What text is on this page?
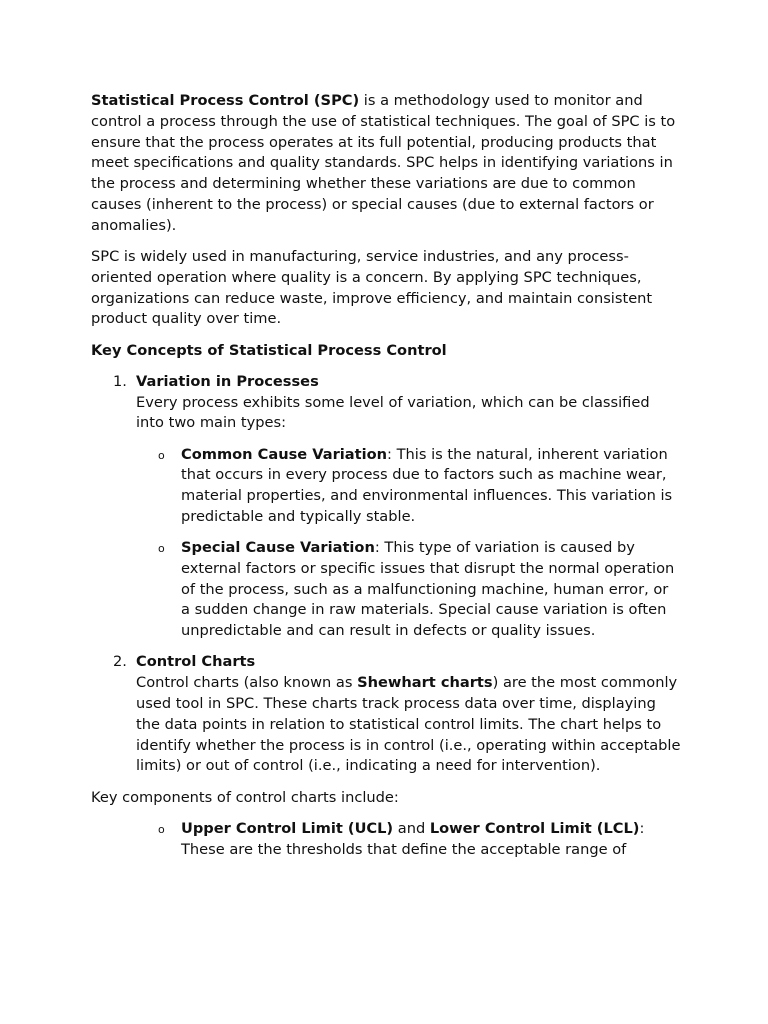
Statistical Process Control (SPC) is a methodology used to monitor and control a process through the use of statistical techniques. The goal of SPC is to ensure that the process operates at its full potential, producing products that meet specifications and quality standards. SPC helps in identifying variations in the process and determining whether these variations are due to common causes (inherent to the process) or special causes (due to external factors or anomalies).

SPC is widely used in manufacturing, service industries, and any process-oriented operation where quality is a concern. By applying SPC techniques, organizations can reduce waste, improve efficiency, and maintain consistent product quality over time.

Key Concepts of Statistical Process Control
1. Variation in Processes
Every process exhibits some level of variation, which can be classified into two main types:
o Common Cause Variation: This is the natural, inherent variation that occurs in every process due to factors such as machine wear, material properties, and environmental influences. This variation is predictable and typically stable.
o Special Cause Variation: This type of variation is caused by external factors or specific issues that disrupt the normal operation of the process, such as a malfunctioning machine, human error, or a sudden change in raw materials. Special cause variation is often unpredictable and can result in defects or quality issues.
2. Control Charts
Control charts (also known as Shewhart charts) are the most commonly used tool in SPC. These charts track process data over time, displaying the data points in relation to statistical control limits. The chart helps to identify whether the process is in control (i.e., operating within acceptable limits) or out of control (i.e., indicating a need for intervention).

Key components of control charts include:

o Upper Control Limit (UCL) and Lower Control Limit (LCL): These are the thresholds that define the acceptable range of
